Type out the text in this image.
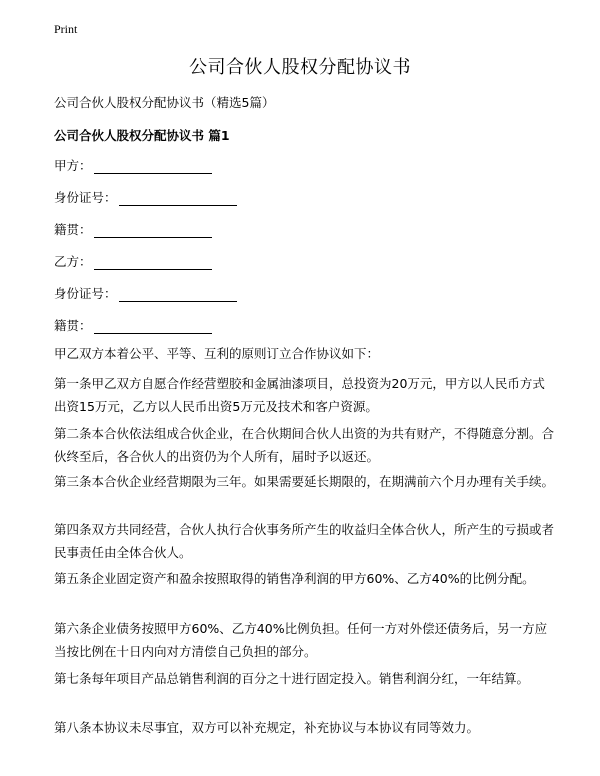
Print
公司合伙人股权分配协议书

公司合伙人股权分配协议书（精选5篇）

公司合伙人股权分配协议书 篇1

甲方：
身份证号：
籍贯：
乙方：
身份证号：
籍贯：

甲乙双方本着公平、平等、互利的原则订立合作协议如下：

第一条甲乙双方自愿合作经营塑胶和金属油漆项目，总投资为20万元，甲方以人民币方式出资15万元，乙方以人民币出资5万元及技术和客户资源。

第二条本合伙依法组成合伙企业，在合伙期间合伙人出资的为共有财产，不得随意分割。合伙终至后，各合伙人的出资仍为个人所有，届时予以返还。

第三条本合伙企业经营期限为三年。如果需要延长期限的，在期满前六个月办理有关手续。

第四条双方共同经营，合伙人执行合伙事务所产生的收益归全体合伙人，所产生的亏损或者民事责任由全体合伙人。

第五条企业固定资产和盈余按照取得的销售净利润的甲方60%、乙方40%的比例分配。

第六条企业债务按照甲方60%、乙方40%比例负担。任何一方对外偿还债务后，另一方应当按比例在十日内向对方清偿自己负担的部分。

第七条每年项目产品总销售利润的百分之十进行固定投入。销售利润分红，一年结算。

第八条本协议未尽事宜，双方可以补充规定，补充协议与本协议有同等效力。
